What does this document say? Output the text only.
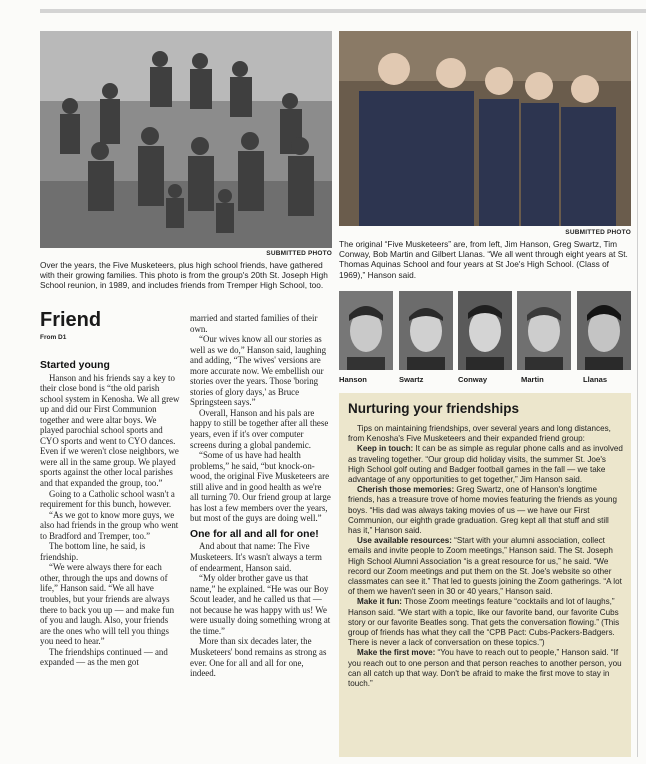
SUBMITTED PHOTO
Over the years, the Five Musketeers, plus high school friends, have gathered with their growing families. This photo is from the group's 20th St. Joseph High School reunion, in 1989, and includes friends from Tremper High School, too.
SUBMITTED PHOTO
The original “Five Musketeers” are, from left, Jim Hanson, Greg Swartz, Tim Conway, Bob Martin and Gilbert Llanas. “We all went through eight years at St. Thomas Aquinas School and four years at St Joe's High School. (Class of 1969),” Hanson said.
Hanson	Swartz	Conway	Martin	Llanas
Friend
From D1
Started young

Hanson and his friends say a key to their close bond is “the old parish school system in Kenosha. We all grew up and did our First Communion together and were altar boys. We played parochial school sports and CYO sports and went to CYO dances. Even if we weren't close neighbors, we were all in the same group. We played sports against the other local parishes and that expanded the group, too.”

Going to a Catholic school wasn't a requirement for this bunch, however.

“As we got to know more guys, we also had friends in the group who went to Bradford and Tremper, too.”

The bottom line, he said, is friendship.

“We were always there for each other, through the ups and downs of life,” Hanson said. “We all have troubles, but your friends are always there to back you up — and make fun of you and laugh. Also, your friends are the ones who will tell you things you need to hear.”

The friendships continued — and expanded — as the men got

married and started families of their own.

“Our wives know all our stories as well as we do,” Hanson said, laughing and adding, “The wives' versions are more accurate now. We embellish our stories over the years. Those 'boring stories of glory days,' as Bruce Springsteen says.”

Overall, Hanson and his pals are happy to still be together after all these years, even if it's over computer screens during a global pandemic.

“Some of us have had health problems,” he said, “but knock-on-wood, the original Five Musketeers are still alive and in good health as we're all turning 70. Our friend group at large has lost a few members over the years, but most of the guys are doing well.”

One for all and all for one!

And about that name: The Five Musketeers. It's wasn't always a term of endearment, Hanson said.

“My older brother gave us that name,” he explained. “He was our Boy Scout leader, and he called us that — not because he was happy with us! We were usually doing something wrong at the time.”

More than six decades later, the Musketeers' bond remains as strong as ever. One for all and all for one, indeed.

Nurturing your friendships

Tips on maintaining friendships, over several years and long distances, from Kenosha's Five Musketeers and their expanded friend group:

Keep in touch: It can be as simple as regular phone calls and as involved as traveling together. “Our group did holiday visits, the summer St. Joe's High School golf outing and Badger football games in the fall — we take advantage of any opportunities to get together,” Jim Hanson said.

Cherish those memories: Greg Swartz, one of Hanson's longtime friends, has a treasure trove of home movies featuring the friends as young boys. “His dad was always taking movies of us — we have our First Communion, our eighth grade graduation. Greg kept all that stuff and still has it,” Hanson said.

Use available resources: “Start with your alumni association, collect emails and invite people to Zoom meetings,” Hanson said. The St. Joseph High School Alumni Association “is a great resource for us,” he said. “We record our Zoom meetings and put them on the St. Joe's website so other classmates can see it.” That led to guests joining the Zoom gatherings. “A lot of them we haven't seen in 30 or 40 years,” Hanson said.

Make it fun: Those Zoom meetings feature “cocktails and lot of laughs,” Hanson said. “We start with a topic, like our favorite band, our favorite Cubs story or our favorite Beatles song. That gets the conversation flowing.” (This group of friends has what they call the “CPB Pact: Cubs-Packers-Badgers. There is never a lack of conversation on these topics.”)

Make the first move: “You have to reach out to people,” Hanson said. “If you reach out to one person and that person reaches to another person, you can all catch up that way. Don't be afraid to make the first move to stay in touch.”
